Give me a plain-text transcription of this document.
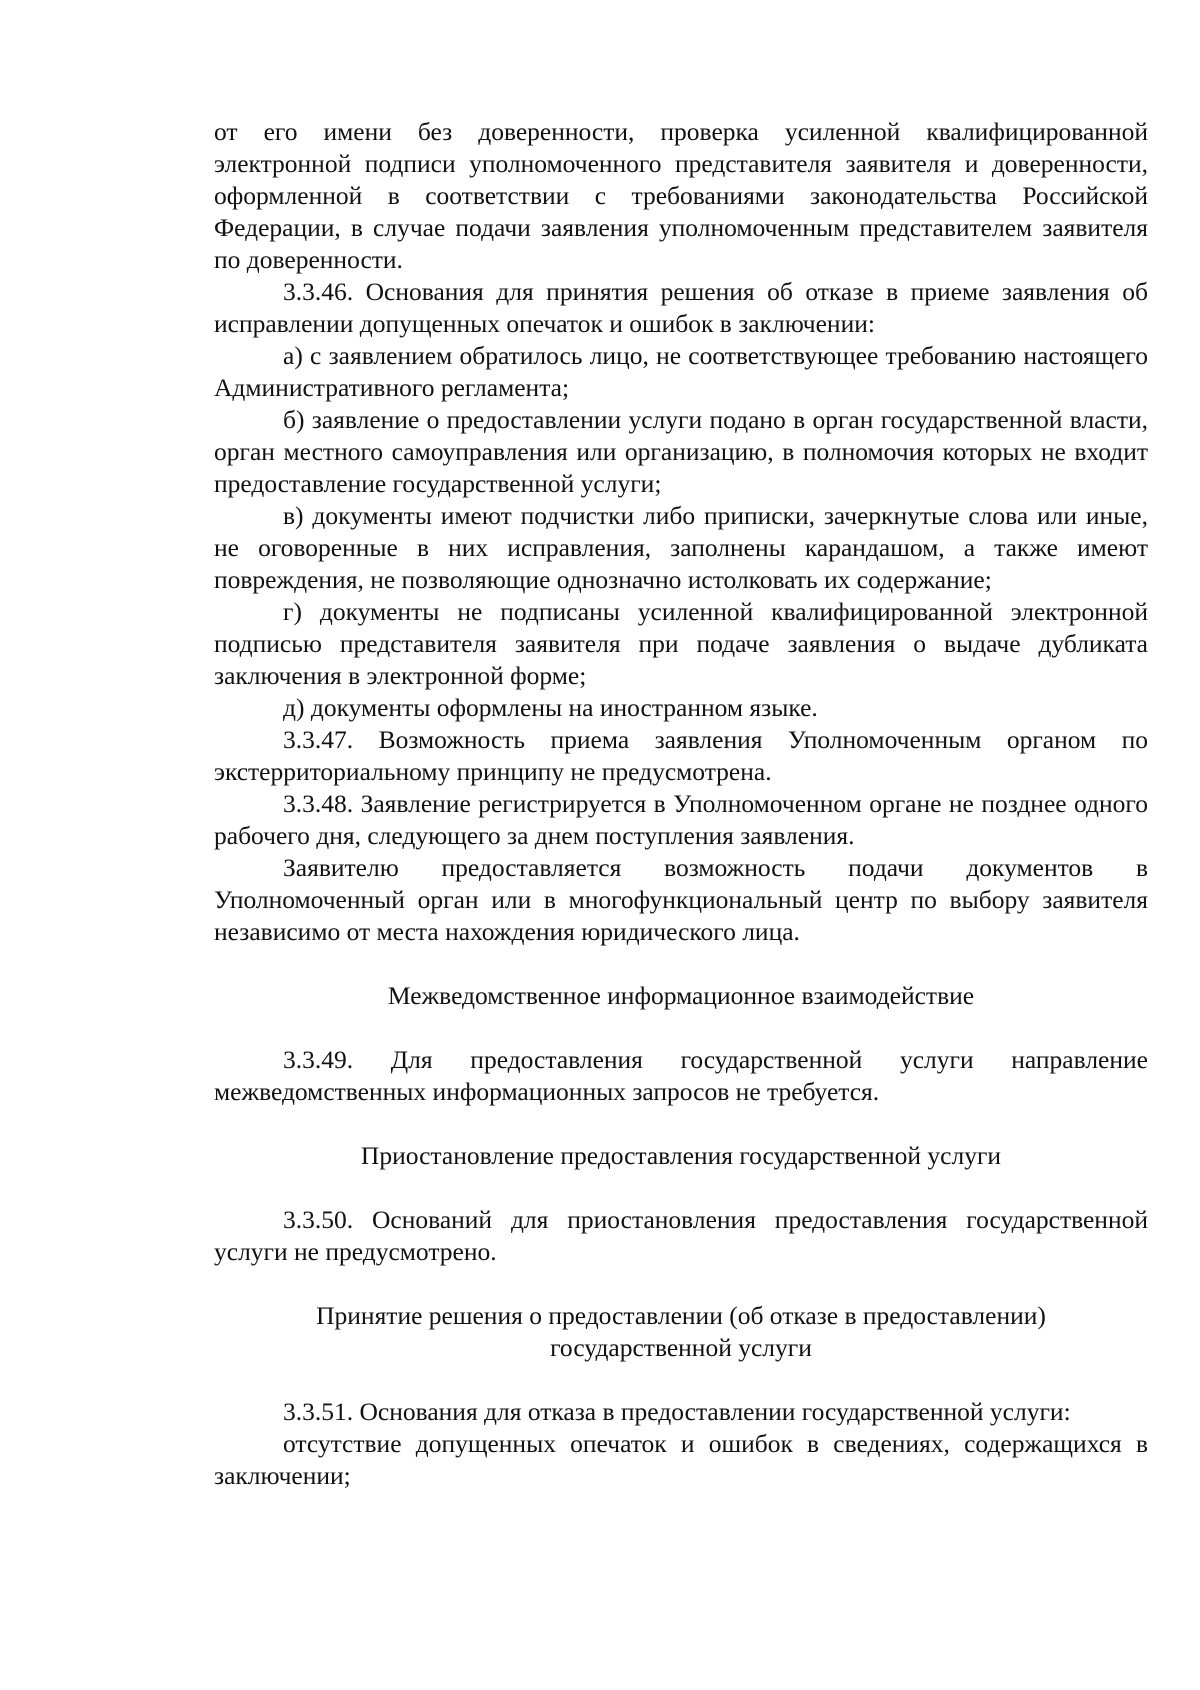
от его имени без доверенности, проверка усиленной квалифицированной электронной подписи уполномоченного представителя заявителя и доверенности, оформленной в соответствии с требованиями законодательства Российской Федерации, в случае подачи заявления уполномоченным представителем заявителя по доверенности.

3.3.46. Основания для принятия решения об отказе в приеме заявления об исправлении допущенных опечаток и ошибок в заключении:

а) с заявлением обратилось лицо, не соответствующее требованию настоящего Административного регламента;

б) заявление о предоставлении услуги подано в орган государственной власти, орган местного самоуправления или организацию, в полномочия которых не входит предоставление государственной услуги;

в) документы имеют подчистки либо приписки, зачеркнутые слова или иные, не оговоренные в них исправления, заполнены карандашом, а также имеют повреждения, не позволяющие однозначно истолковать их содержание;

г) документы не подписаны усиленной квалифицированной электронной подписью представителя заявителя при подаче заявления о выдаче дубликата заключения в электронной форме;

д) документы оформлены на иностранном языке.

3.3.47. Возможность приема заявления Уполномоченным органом по экстерриториальному принципу не предусмотрена.

3.3.48. Заявление регистрируется в Уполномоченном органе не позднее одного рабочего дня, следующего за днем поступления заявления.

Заявителю предоставляется возможность подачи документов в Уполномоченный орган или в многофункциональный центр по выбору заявителя независимо от места нахождения юридического лица.

Межведомственное информационное взаимодействие

3.3.49. Для предоставления государственной услуги направление межведомственных информационных запросов не требуется.

Приостановление предоставления государственной услуги

3.3.50. Оснований для приостановления предоставления государственной услуги не предусмотрено.

Принятие решения о предоставлении (об отказе в предоставлении)
государственной услуги

3.3.51. Основания для отказа в предоставлении государственной услуги:

отсутствие допущенных опечаток и ошибок в сведениях, содержащихся в заключении;
